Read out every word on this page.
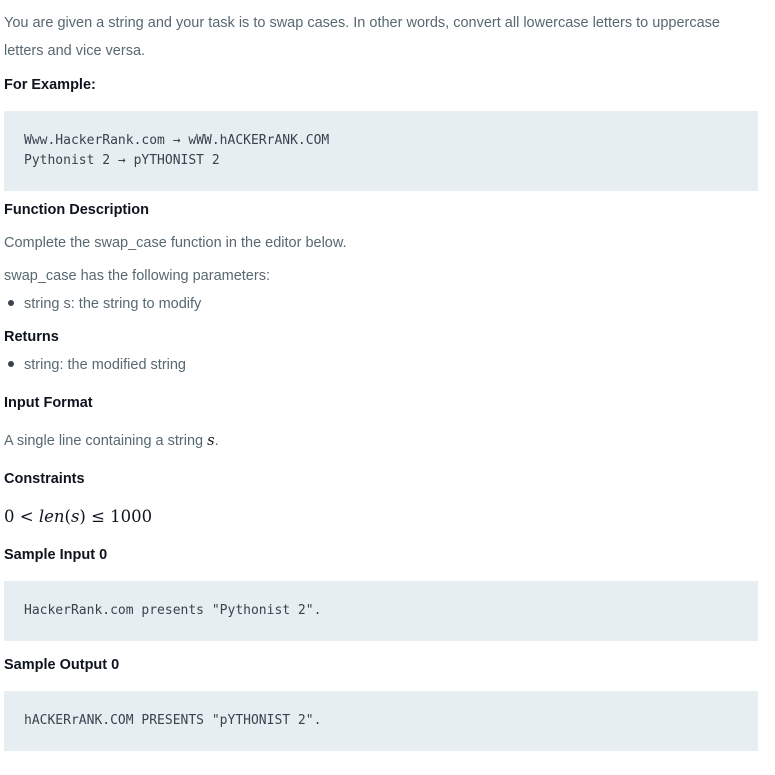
You are given a string and your task is to swap cases. In other words, convert all lowercase letters to uppercase letters and vice versa.
For Example:
Www.HackerRank.com → wWW.hACKERrANK.COM
Pythonist 2 → pYTHONIST 2
Function Description
Complete the swap_case function in the editor below.
swap_case has the following parameters:
string s: the string to modify
Returns
string: the modified string
Input Format
A single line containing a string s.
Constraints
0 < len(s) ≤ 1000
Sample Input 0
HackerRank.com presents "Pythonist 2".
Sample Output 0
hACKERrANK.COM PRESENTS "pYTHONIST 2".
